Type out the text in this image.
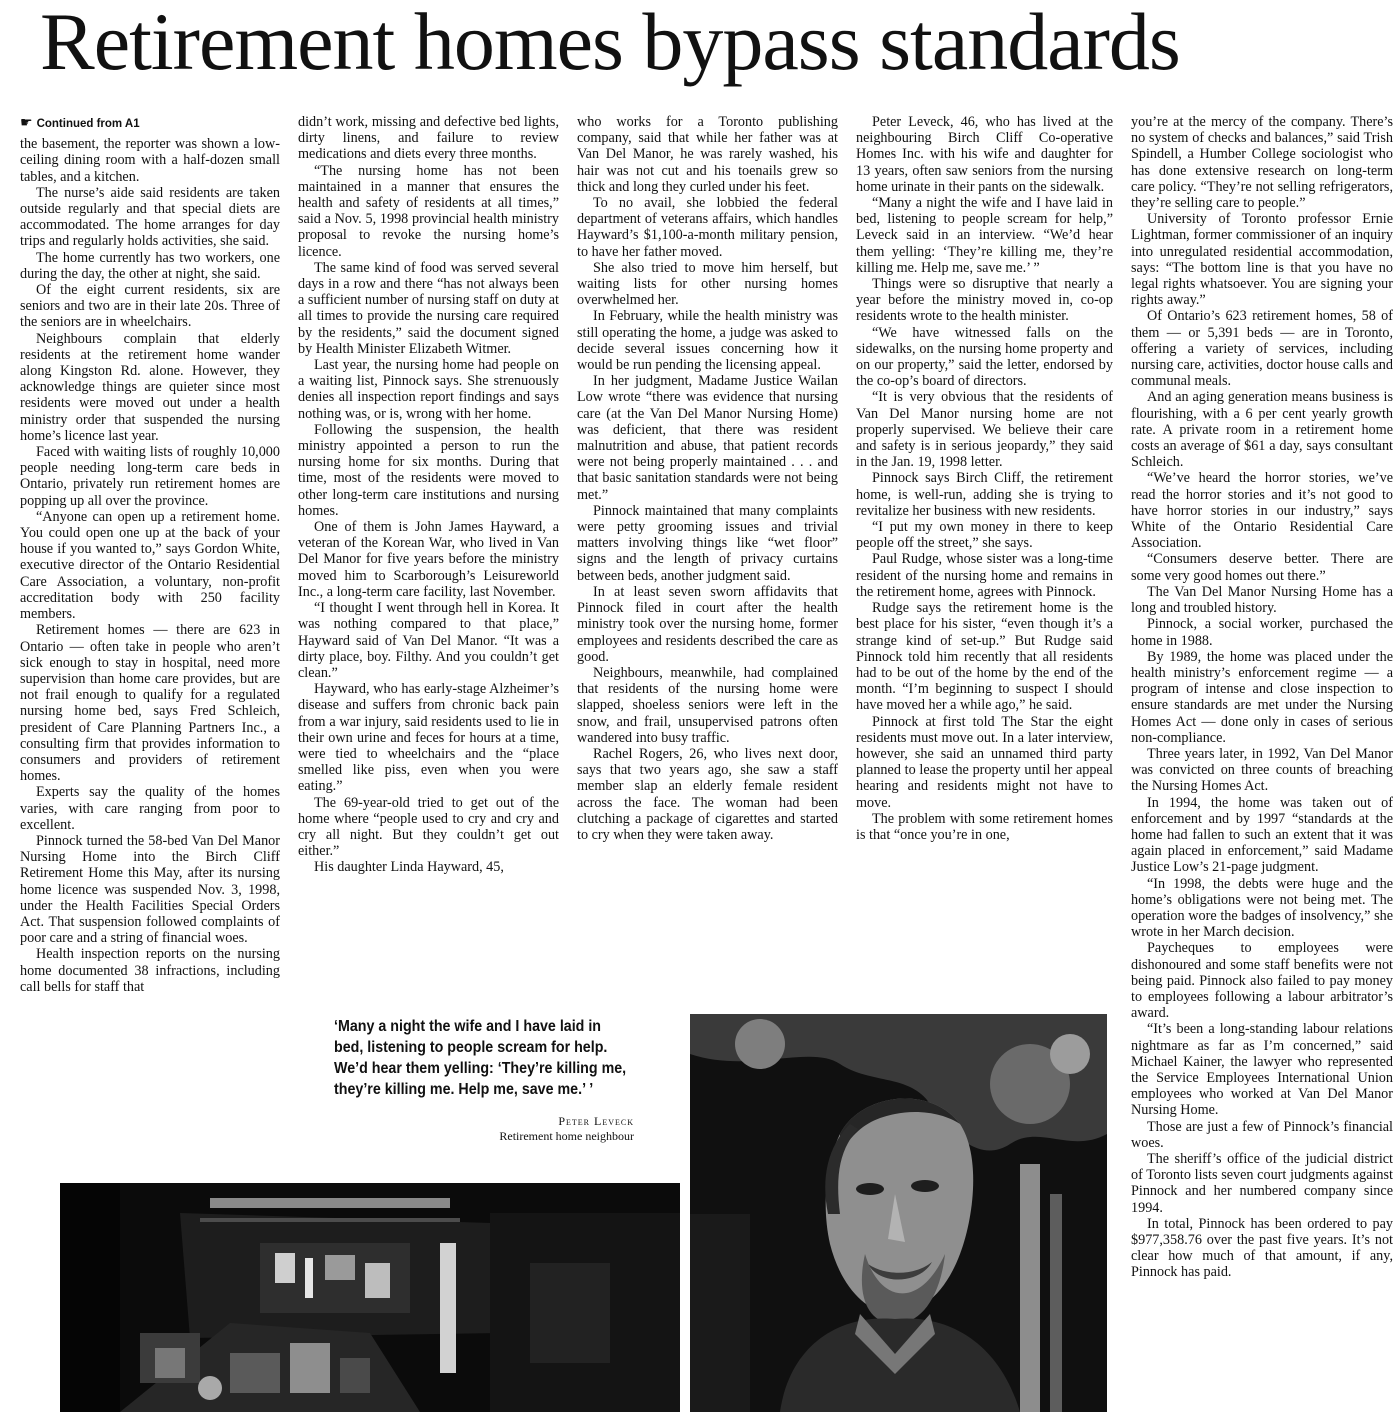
Retirement homes bypass standards
☛ Continued from A1

the basement, the reporter was shown a low-ceiling dining room with a half-dozen small tables, and a kitchen.

The nurse’s aide said residents are taken outside regularly and that special diets are accommodated. The home arranges for day trips and regularly holds activities, she said.

The home currently has two workers, one during the day, the other at night, she said.

Of the eight current residents, six are seniors and two are in their late 20s. Three of the seniors are in wheelchairs.

Neighbours complain that elderly residents at the retirement home wander along Kingston Rd. alone. However, they acknowledge things are quieter since most residents were moved out under a health ministry order that suspended the nursing home’s licence last year.

Faced with waiting lists of roughly 10,000 people needing long-term care beds in Ontario, privately run retirement homes are popping up all over the province.

“Anyone can open up a retirement home. You could open one up at the back of your house if you wanted to,” says Gordon White, executive director of the Ontario Residential Care Association, a voluntary, non-profit accreditation body with 250 facility members.

Retirement homes — there are 623 in Ontario — often take in people who aren’t sick enough to stay in hospital, need more supervision than home care provides, but are not frail enough to qualify for a regulated nursing home bed, says Fred Schleich, president of Care Planning Partners Inc., a consulting firm that provides information to consumers and providers of retirement homes.

Experts say the quality of the homes varies, with care ranging from poor to excellent.

Pinnock turned the 58-bed Van Del Manor Nursing Home into the Birch Cliff Retirement Home this May, after its nursing home licence was suspended Nov. 3, 1998, under the Health Facilities Special Orders Act. That suspension followed complaints of poor care and a string of financial woes.

Health inspection reports on the nursing home documented 38 infractions, including call bells for staff that

didn’t work, missing and defective bed lights, dirty linens, and failure to review medications and diets every three months.

“The nursing home has not been maintained in a manner that ensures the health and safety of residents at all times,” said a Nov. 5, 1998 provincial health ministry proposal to revoke the nursing home’s licence.

The same kind of food was served several days in a row and there “has not always been a sufficient number of nursing staff on duty at all times to provide the nursing care required by the residents,” said the document signed by Health Minister Elizabeth Witmer.

Last year, the nursing home had people on a waiting list, Pinnock says. She strenuously denies all inspection report findings and says nothing was, or is, wrong with her home.

Following the suspension, the health ministry appointed a person to run the nursing home for six months. During that time, most of the residents were moved to other long-term care institutions and nursing homes.

One of them is John James Hayward, a veteran of the Korean War, who lived in Van Del Manor for five years before the ministry moved him to Scarborough’s Leisureworld Inc., a long-term care facility, last November.

“I thought I went through hell in Korea. It was nothing compared to that place,” Hayward said of Van Del Manor. “It was a dirty place, boy. Filthy. And you couldn’t get clean.”

Hayward, who has early-stage Alzheimer’s disease and suffers from chronic back pain from a war injury, said residents used to lie in their own urine and feces for hours at a time, were tied to wheelchairs and the “place smelled like piss, even when you were eating.”

The 69-year-old tried to get out of the home where “people used to cry and cry and cry all night. But they couldn’t get out either.”

His daughter Linda Hayward, 45,

who works for a Toronto publishing company, said that while her father was at Van Del Manor, he was rarely washed, his hair was not cut and his toenails grew so thick and long they curled under his feet.

To no avail, she lobbied the federal department of veterans affairs, which handles Hayward’s $1,100-a-month military pension, to have her father moved.

She also tried to move him herself, but waiting lists for other nursing homes overwhelmed her.

In February, while the health ministry was still operating the home, a judge was asked to decide several issues concerning how it would be run pending the licensing appeal.

In her judgment, Madame Justice Wailan Low wrote “there was evidence that nursing care (at the Van Del Manor Nursing Home) was deficient, that there was resident malnutrition and abuse, that patient records were not being properly maintained . . . and that basic sanitation standards were not being met.”

Pinnock maintained that many complaints were petty grooming issues and trivial matters involving things like “wet floor” signs and the length of privacy curtains between beds, another judgment said.

In at least seven sworn affidavits that Pinnock filed in court after the health ministry took over the nursing home, former employees and residents described the care as good.

Neighbours, meanwhile, had complained that residents of the nursing home were slapped, shoeless seniors were left in the snow, and frail, unsupervised patrons often wandered into busy traffic.

Rachel Rogers, 26, who lives next door, says that two years ago, she saw a staff member slap an elderly female resident across the face. The woman had been clutching a package of cigarettes and started to cry when they were taken away.

Peter Leveck, 46, who has lived at the neighbouring Birch Cliff Co-operative Homes Inc. with his wife and daughter for 13 years, often saw seniors from the nursing home urinate in their pants on the sidewalk.

“Many a night the wife and I have laid in bed, listening to people scream for help,” Leveck said in an interview. “We’d hear them yelling: ‘They’re killing me, they’re killing me. Help me, save me.’ ”

Things were so disruptive that nearly a year before the ministry moved in, co-op residents wrote to the health minister.

“We have witnessed falls on the sidewalks, on the nursing home property and on our property,” said the letter, endorsed by the co-op’s board of directors.

“It is very obvious that the residents of Van Del Manor nursing home are not properly supervised. We believe their care and safety is in serious jeopardy,” they said in the Jan. 19, 1998 letter.

Pinnock says Birch Cliff, the retirement home, is well-run, adding she is trying to revitalize her business with new residents.

“I put my own money in there to keep people off the street,” she says.

Paul Rudge, whose sister was a long-time resident of the nursing home and remains in the retirement home, agrees with Pinnock.

Rudge says the retirement home is the best place for his sister, “even though it’s a strange kind of set-up.” But Rudge said Pinnock told him recently that all residents had to be out of the home by the end of the month. “I’m beginning to suspect I should have moved her a while ago,” he said.

Pinnock at first told The Star the eight residents must move out. In a later interview, however, she said an unnamed third party planned to lease the property until her appeal hearing and residents might not have to move.

The problem with some retirement homes is that “once you’re in one,

you’re at the mercy of the company. There’s no system of checks and balances,” said Trish Spindell, a Humber College sociologist who has done extensive research on long-term care policy. “They’re not selling refrigerators, they’re selling care to people.”

University of Toronto professor Ernie Lightman, former commissioner of an inquiry into unregulated residential accommodation, says: “The bottom line is that you have no legal rights whatsoever. You are signing your rights away.”

Of Ontario’s 623 retirement homes, 58 of them — or 5,391 beds — are in Toronto, offering a variety of services, including nursing care, activities, doctor house calls and communal meals.

And an aging generation means business is flourishing, with a 6 per cent yearly growth rate. A private room in a retirement home costs an average of $61 a day, says consultant Schleich.

“We’ve heard the horror stories, we’ve read the horror stories and it’s not good to have horror stories in our industry,” says White of the Ontario Residential Care Association.

“Consumers deserve better. There are some very good homes out there.”

The Van Del Manor Nursing Home has a long and troubled history.

Pinnock, a social worker, purchased the home in 1988.

By 1989, the home was placed under the health ministry’s enforcement regime — a program of intense and close inspection to ensure standards are met under the Nursing Homes Act — done only in cases of serious non-compliance.

Three years later, in 1992, Van Del Manor was convicted on three counts of breaching the Nursing Homes Act.

In 1994, the home was taken out of enforcement and by 1997 “standards at the home had fallen to such an extent that it was again placed in enforcement,” said Madame Justice Low’s 21-page judgment.

“In 1998, the debts were huge and the home’s obligations were not being met. The operation wore the badges of insolvency,” she wrote in her March decision.

Paycheques to employees were dishonoured and some staff benefits were not being paid. Pinnock also failed to pay money to employees following a labour arbitrator’s award.

“It’s been a long-standing labour relations nightmare as far as I’m concerned,” said Michael Kainer, the lawyer who represented the Service Employees International Union employees who worked at Van Del Manor Nursing Home.

Those are just a few of Pinnock’s financial woes.

The sheriff’s office of the judicial district of Toronto lists seven court judgments against Pinnock and her numbered company since 1994.

In total, Pinnock has been ordered to pay $977,358.76 over the past five years. It’s not clear how much of that amount, if any, Pinnock has paid.

‘Many a night the wife and I have laid in bed, listening to people scream for help. We’d hear them yelling: ‘They’re killing me, they’re killing me. Help me, save me.’ ’

Peter Leveck
Retirement home neighbour
